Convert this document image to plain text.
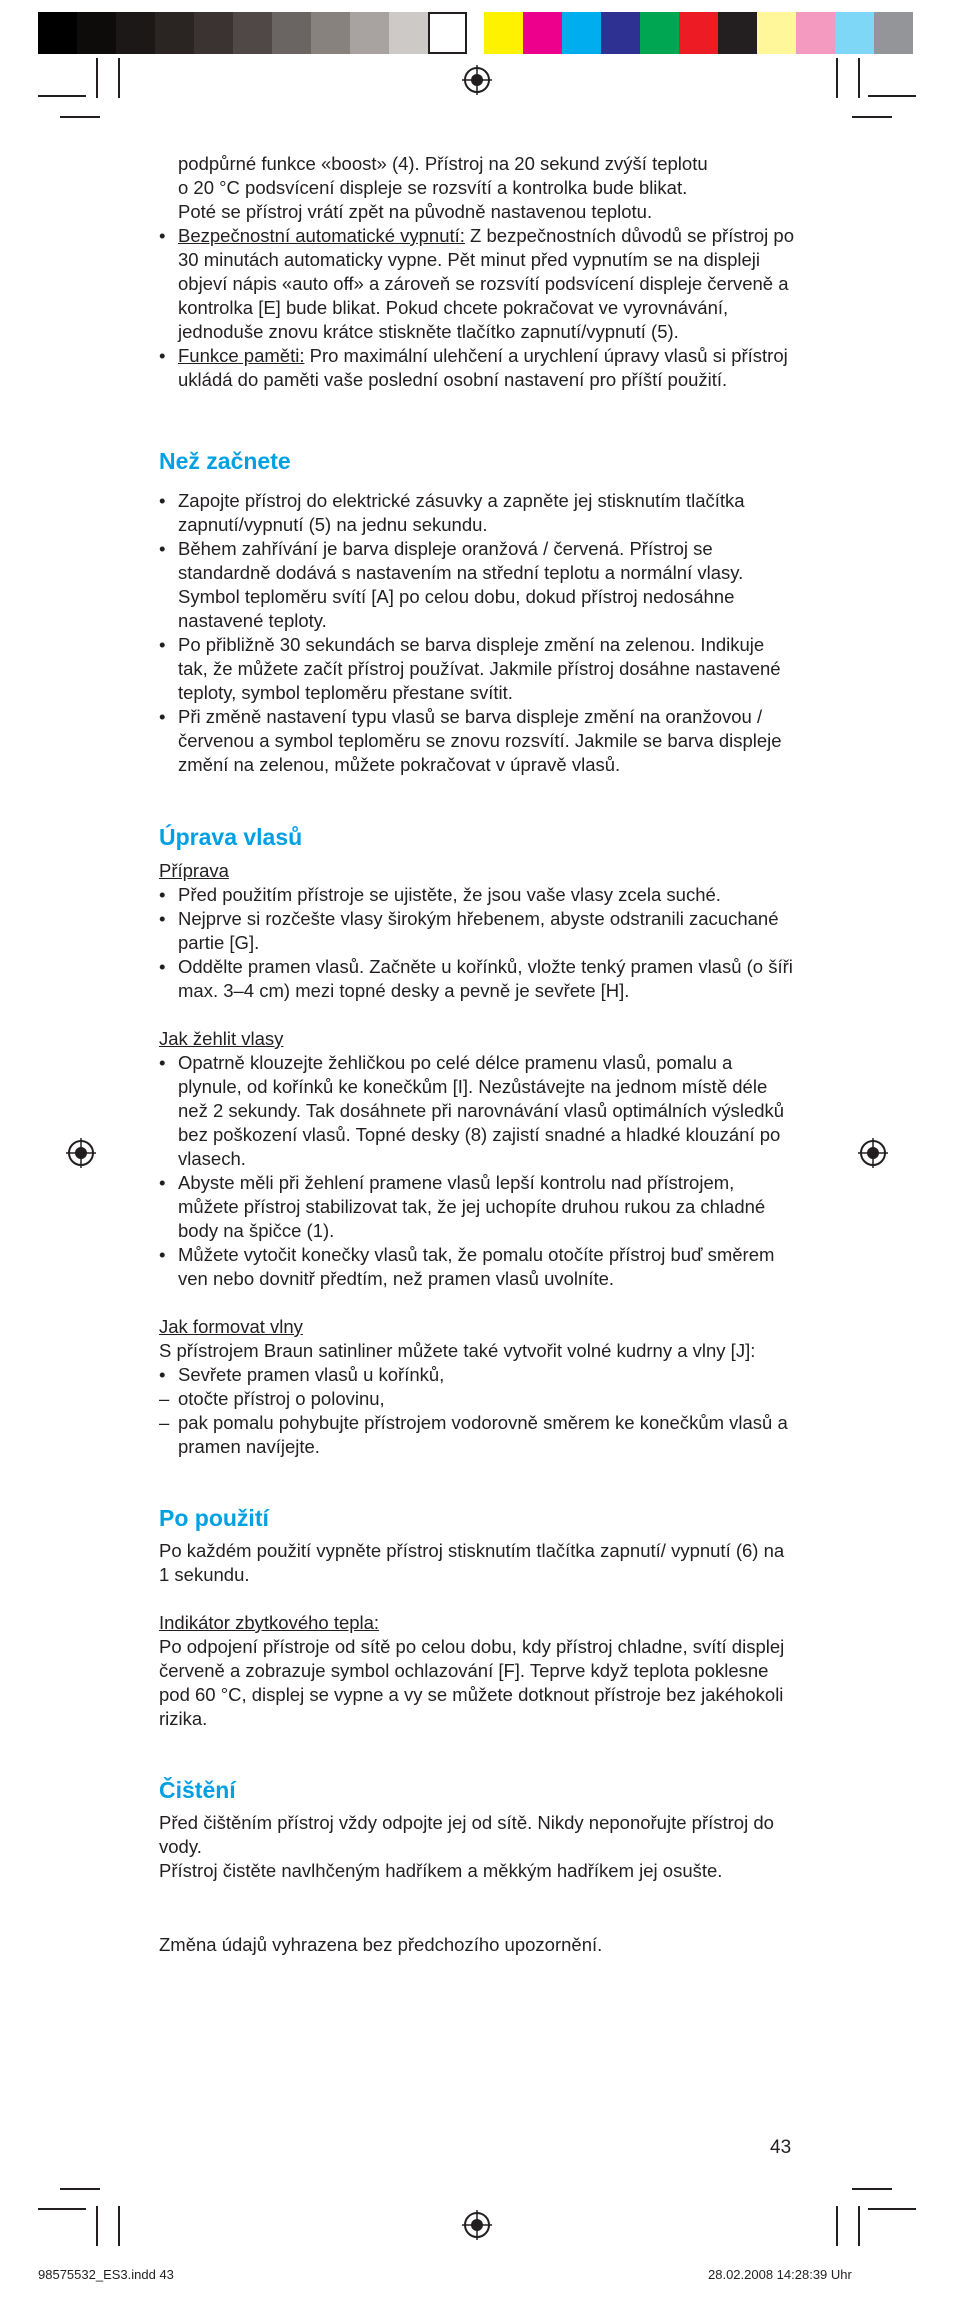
podpůrné funkce «boost» (4). Přístroj na 20 sekund zvýší teplotu

o 20 °C podsvícení displeje se rozsvítí a kontrolka bude blikat.

Poté se přístroj vrátí zpět na původně nastavenou teplotu.

• Bezpečnostní automatické vypnutí: Z bezpečnostních důvodů se přístroj po 30 minutách automaticky vypne. Pět minut před vypnutím se na displeji objeví nápis «auto off» a zároveň se rozsvítí podsvícení displeje červeně a kontrolka [E] bude blikat. Pokud chcete pokračovat ve vyrovnávání, jednoduše znovu krátce stiskněte tlačítko zapnutí/vypnutí (5).
• Funkce paměti: Pro maximální ulehčení a urychlení úpravy vlasů si přístroj ukládá do paměti vaše poslední osobní nastavení pro příští použití.
Než začnete
• Zapojte přístroj do elektrické zásuvky a zapněte jej stisknutím tlačítka zapnutí/vypnutí (5) na jednu sekundu.
• Během zahřívání je barva displeje oranžová / červená. Přístroj se standardně dodává s nastavením na střední teplotu a normální vlasy. Symbol teploměru svítí [A] po celou dobu, dokud přístroj nedosáhne nastavené teploty.
• Po přibližně 30 sekundách se barva displeje změní na zelenou. Indikuje tak, že můžete začít přístroj používat. Jakmile přístroj dosáhne nastavené teploty, symbol teploměru přestane svítit.
• Při změně nastavení typu vlasů se barva displeje změní na oranžovou / červenou a symbol teploměru se znovu rozsvítí. Jakmile se barva displeje změní na zelenou, můžete pokračovat v úpravě vlasů.
Úprava vlasů

Příprava

• Před použitím přístroje se ujistěte, že jsou vaše vlasy zcela suché.
• Nejprve si rozčešte vlasy širokým hřebenem, abyste odstranili zacuchané partie [G].
• Oddělte pramen vlasů. Začněte u kořínků, vložte tenký pramen vlasů (o šíři max. 3–4 cm) mezi topné desky a pevně je sevřete [H].

Jak žehlit vlasy

• Opatrně klouzejte žehličkou po celé délce pramenu vlasů, pomalu a plynule, od kořínků ke konečkům [I]. Nezůstávejte na jednom místě déle než 2 sekundy. Tak dosáhnete při narovnávání vlasů optimálních výsledků bez poškození vlasů. Topné desky (8) zajistí snadné a hladké klouzání po vlasech.
• Abyste měli při žehlení pramene vlasů lepší kontrolu nad přístrojem, můžete přístroj stabilizovat tak, že jej uchopíte druhou rukou za chladné body na špičce (1).
• Můžete vytočit konečky vlasů tak, že pomalu otočíte přístroj buď směrem ven nebo dovnitř předtím, než pramen vlasů uvolníte.

Jak formovat vlny

S přístrojem Braun satinliner můžete také vytvořit volné kudrny a vlny [J]:

• Sevřete pramen vlasů u kořínků,
– otočte přístroj o polovinu,
– pak pomalu pohybujte přístrojem vodorovně směrem ke konečkům vlasů a pramen navíjejte.
Po použití

Po každém použití vypněte přístroj stisknutím tlačítka zapnutí/ vypnutí (6) na 1 sekundu.

Indikátor zbytkového tepla:

Po odpojení přístroje od sítě po celou dobu, kdy přístroj chladne, svítí displej červeně a zobrazuje symbol ochlazování [F]. Teprve když teplota poklesne pod 60 °C, displej se vypne a vy se můžete dotknout přístroje bez jakéhokoli rizika.

Čištění

Před čištěním přístroj vždy odpojte jej od sítě. Nikdy neponořujte přístroj do vody.

Přístroj čistěte navlhčeným hadříkem a měkkým hadříkem jej osušte.

Změna údajů vyhrazena bez předchozího upozornění.

43
98575532_ES3.indd 43	28.02.2008 14:28:39 Uhr
